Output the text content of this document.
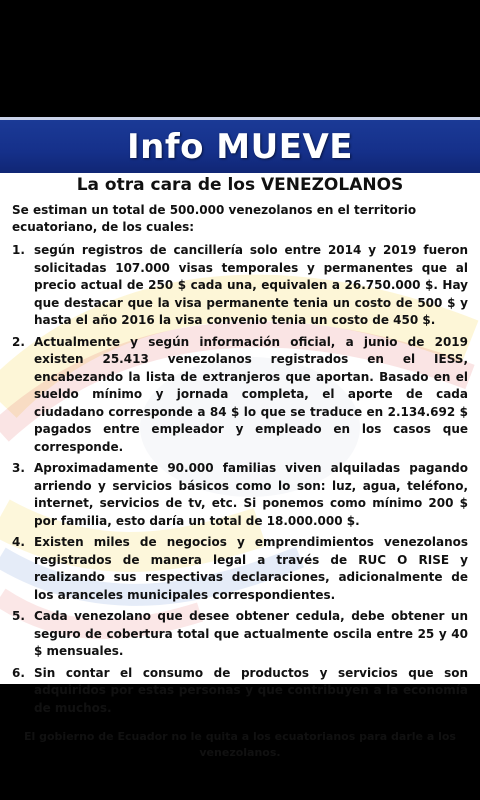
Info MUEVE
La otra cara de los VENEZOLANOS

Se estiman un total de 500.000 venezolanos en el territorio ecuatoriano, de los cuales:

1. según registros de cancillería solo entre 2014 y 2019 fueron solicitadas 107.000 visas temporales y permanentes que al precio actual de 250 $ cada una, equivalen a 26.750.000 $. Hay que destacar que la visa permanente tenia un costo de 500 $ y hasta el año 2016 la visa convenio tenia un costo de 450 $.
2. Actualmente y según información oficial, a junio de 2019 existen 25.413 venezolanos registrados en el IESS, encabezando la lista de extranjeros que aportan. Basado en el sueldo mínimo y jornada completa, el aporte de cada ciudadano corresponde a 84 $ lo que se traduce en 2.134.692 $ pagados entre empleador y empleado en los casos que corresponde.
3. Aproximadamente 90.000 familias viven alquiladas pagando arriendo y servicios básicos como lo son: luz, agua, teléfono, internet, servicios de tv, etc. Si ponemos como mínimo 200 $ por familia, esto daría un total de 18.000.000 $.
4. Existen miles de negocios y emprendimientos venezolanos registrados de manera legal a través de RUC O RISE y realizando sus respectivas declaraciones, adicionalmente de los aranceles municipales correspondientes.
5. Cada venezolano que desee obtener cedula, debe obtener un seguro de cobertura total que actualmente oscila entre 25 y 40 $ mensuales.
6. Sin contar el consumo de productos y servicios que son adquiridos por estas personas y que contribuyen a la economía de muchos.

El gobierno de Ecuador no le quita a los ecuatorianos para darle a los venezolanos.
